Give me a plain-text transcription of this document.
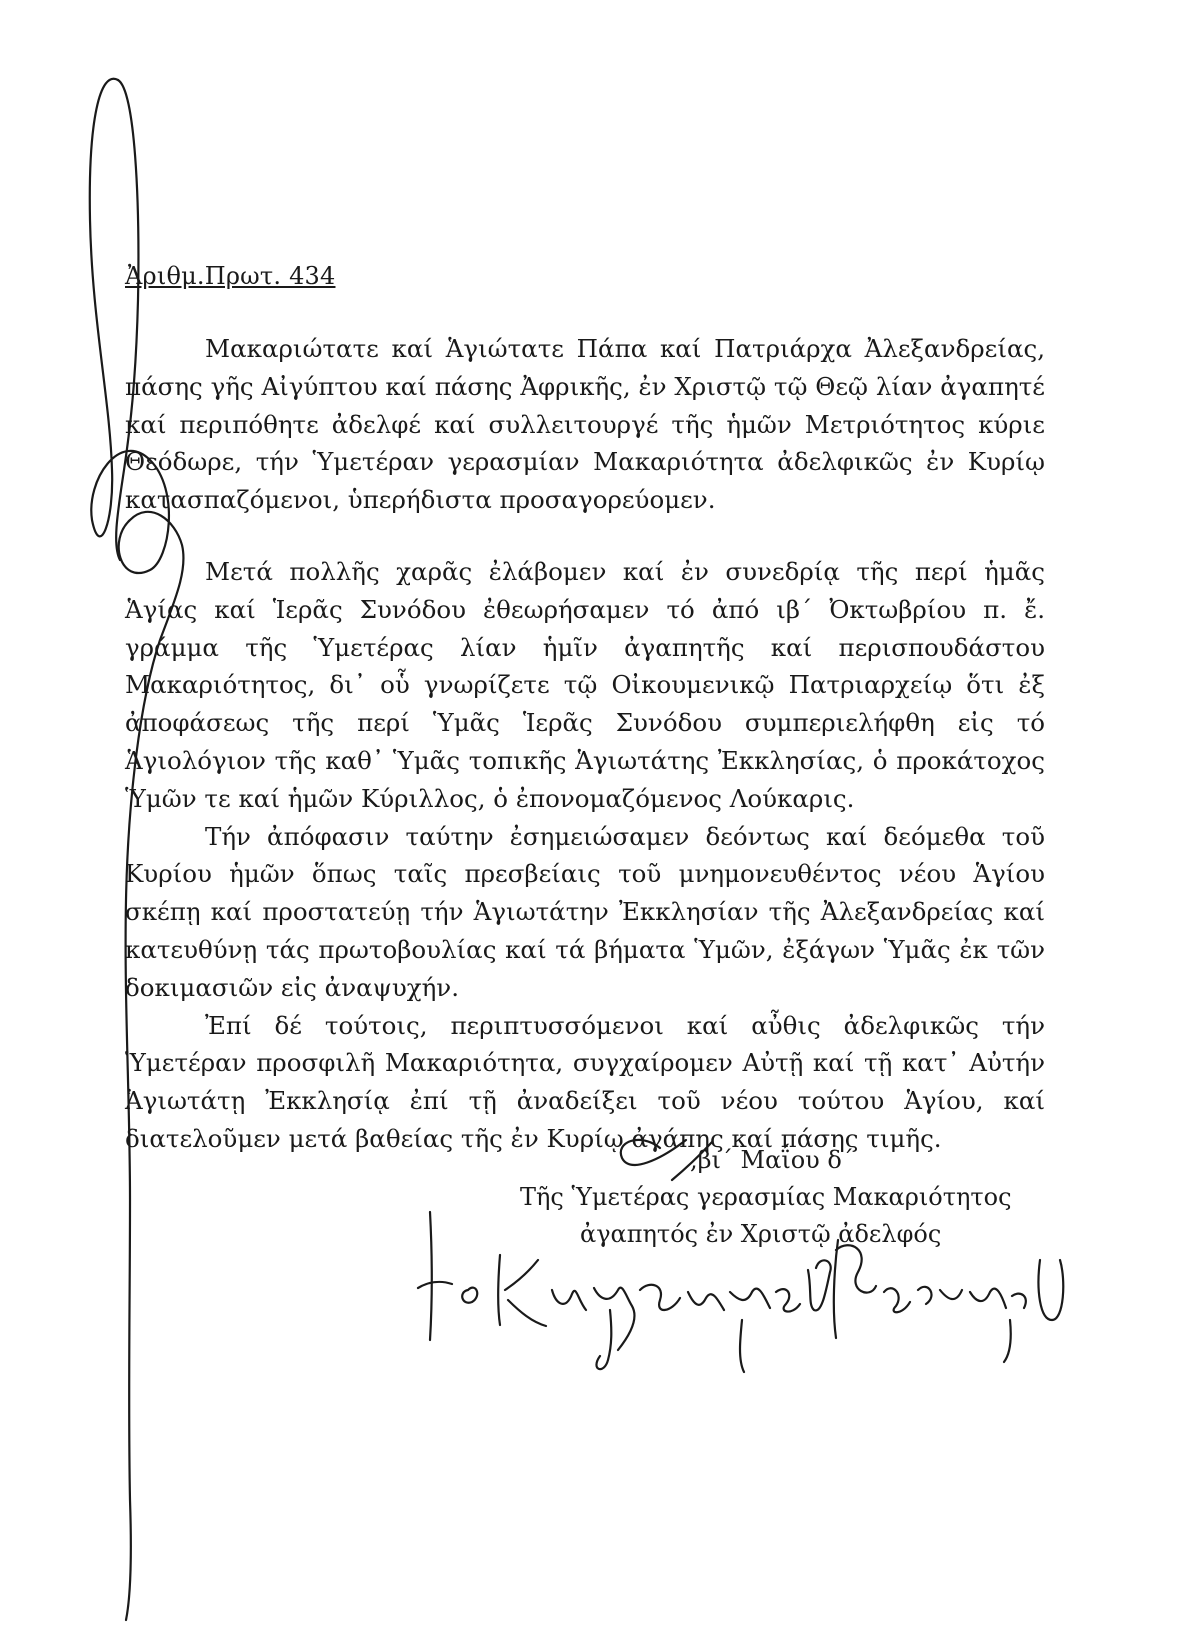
Ἀριθμ.Πρωτ. 434

Μακαριώτατε καί Ἁγιώτατε Πάπα καί Πατριάρχα Ἀλεξανδρείας, πάσης γῆς Αἰγύπτου καί πάσης Ἀφρικῆς, ἐν Χριστῷ τῷ Θεῷ λίαν ἀγαπητέ καί περιπόθητε ἀδελφέ καί συλλειτουργέ τῆς ἡμῶν Μετριότητος κύριε Θεόδωρε, τήν Ὑμετέραν γερασμίαν Μακαριότητα ἀδελφικῶς ἐν Κυρίῳ κατασπαζόμενοι, ὑπερήδιστα προσαγορεύομεν.

Μετά πολλῆς χαρᾶς ἐλάβομεν καί ἐν συνεδρίᾳ τῆς περί ἡμᾶς Ἁγίας καί Ἱερᾶς Συνόδου ἐθεωρήσαμεν τό ἀπό ιβ΄ Ὀκτωβρίου π. ἔ. γράμμα τῆς Ὑμετέρας λίαν ἡμῖν ἀγαπητῆς καί περισπουδάστου Μακαριότητος, δι᾽ οὗ γνωρίζετε τῷ Οἰκουμενικῷ Πατριαρχείῳ ὅτι ἐξ ἀποφάσεως τῆς περί Ὑμᾶς Ἱερᾶς Συνόδου συμπεριελήφθη εἰς τό Ἁγιολόγιον τῆς καθ᾽ Ὑμᾶς τοπικῆς Ἁγιωτάτης Ἐκκλησίας, ὁ προκάτοχος Ὑμῶν τε καί ἡμῶν Κύριλλος, ὁ ἐπονομαζόμενος Λούκαρις.

Τήν ἀπόφασιν ταύτην ἐσημειώσαμεν δεόντως καί δεόμεθα τοῦ Κυρίου ἡμῶν ὅπως ταῖς πρεσβείαις τοῦ μνημονευθέντος νέου Ἁγίου σκέπῃ καί προστατεύῃ τήν Ἁγιωτάτην Ἐκκλησίαν τῆς Ἀλεξανδρείας καί κατευθύνῃ τάς πρωτοβουλίας καί τά βήματα Ὑμῶν, ἐξάγων Ὑμᾶς ἐκ τῶν δοκιμασιῶν εἰς ἀναψυχήν.

Ἐπί δέ τούτοις, περιπτυσσόμενοι καί αὖθις ἀδελφικῶς τήν Ὑμετέραν προσφιλῆ Μακαριότητα, συγχαίρομεν Αὐτῇ καί τῇ κατ᾽ Αὐτήν Ἁγιωτάτῃ Ἐκκλησίᾳ ἐπί τῇ ἀναδείξει τοῦ νέου τούτου Ἁγίου, καί διατελοῦμεν μετά βαθείας τῆς ἐν Κυρίῳ ἀγάπης καί πάσης τιμῆς.

,βι΄ Μαΐου δ΄
Τῆς Ὑμετέρας γερασμίας Μακαριότητος
ἀγαπητός ἐν Χριστῷ ἀδελφός
